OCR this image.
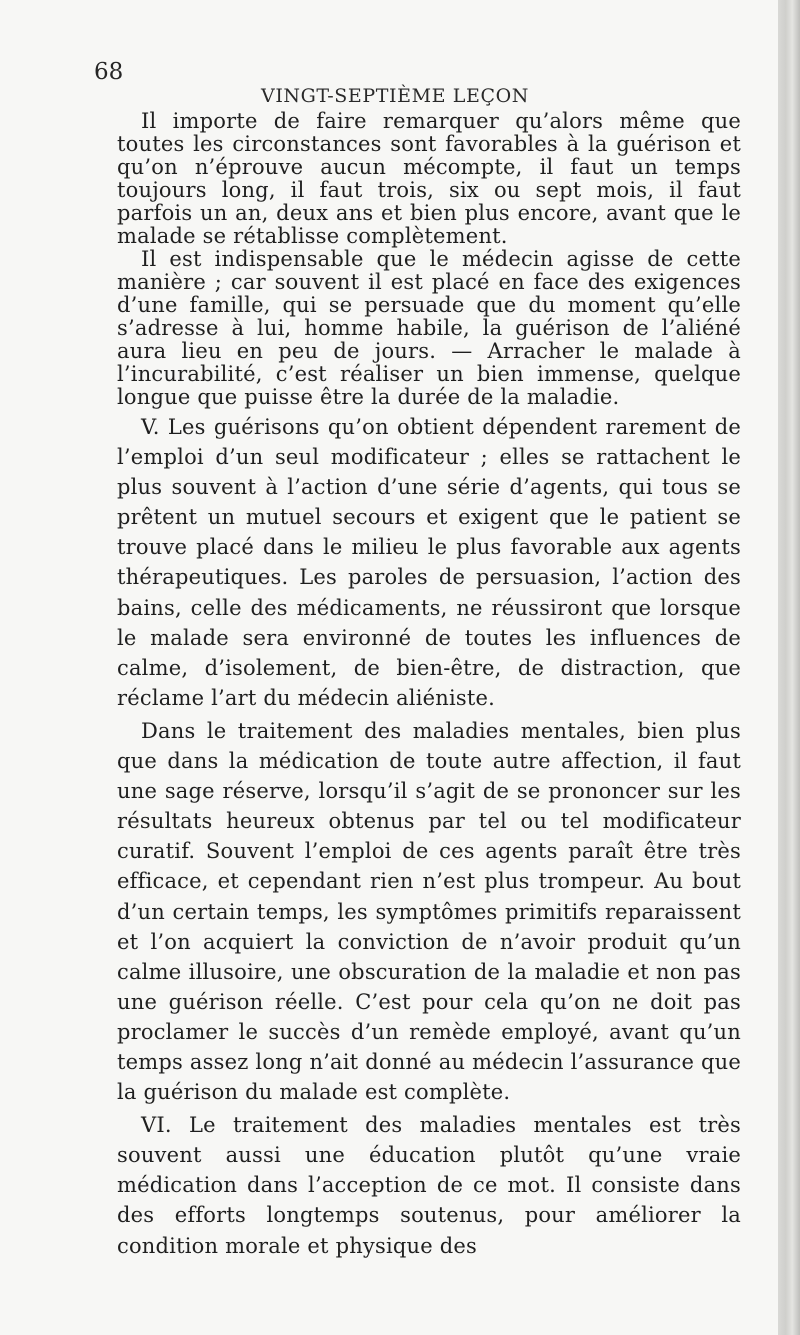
68

VINGT-SEPTIÈME LEÇON

Il importe de faire remarquer qu’alors même que toutes les circonstances sont favorables à la guérison et qu’on n’éprouve aucun mécompte, il faut un temps toujours long, il faut trois, six ou sept mois, il faut parfois un an, deux ans et bien plus encore, avant que le malade se rétablisse complètement.

Il est indispensable que le médecin agisse de cette manière ; car souvent il est placé en face des exigences d’une famille, qui se persuade que du moment qu’elle s’adresse à lui, homme habile, la guérison de l’aliéné aura lieu en peu de jours. — Arracher le malade à l’incurabilité, c’est réaliser un bien immense, quelque longue que puisse être la durée de la maladie.

V. Les guérisons qu’on obtient dépendent rarement de l’emploi d’un seul modificateur ; elles se rattachent le plus souvent à l’action d’une série d’agents, qui tous se prêtent un mutuel secours et exigent que le patient se trouve placé dans le milieu le plus favorable aux agents thérapeutiques. Les paroles de persuasion, l’action des bains, celle des médicaments, ne réussiront que lorsque le malade sera environné de toutes les influences de calme, d’isolement, de bien-être, de distraction, que réclame l’art du médecin aliéniste.

Dans le traitement des maladies mentales, bien plus que dans la médication de toute autre affection, il faut une sage réserve, lorsqu’il s’agit de se prononcer sur les résultats heureux obtenus par tel ou tel modificateur curatif. Souvent l’emploi de ces agents paraît être très efficace, et cependant rien n’est plus trompeur. Au bout d’un certain temps, les symptômes primitifs reparaissent et l’on acquiert la conviction de n’avoir produit qu’un calme illusoire, une obscuration de la maladie et non pas une guérison réelle. C’est pour cela qu’on ne doit pas proclamer le succès d’un remède employé, avant qu’un temps assez long n’ait donné au médecin l’assurance que la guérison du malade est complète.

VI. Le traitement des maladies mentales est très souvent aussi une éducation plutôt qu’une vraie médication dans l’acception de ce mot. Il consiste dans des efforts longtemps soutenus, pour améliorer la condition morale et physique des
